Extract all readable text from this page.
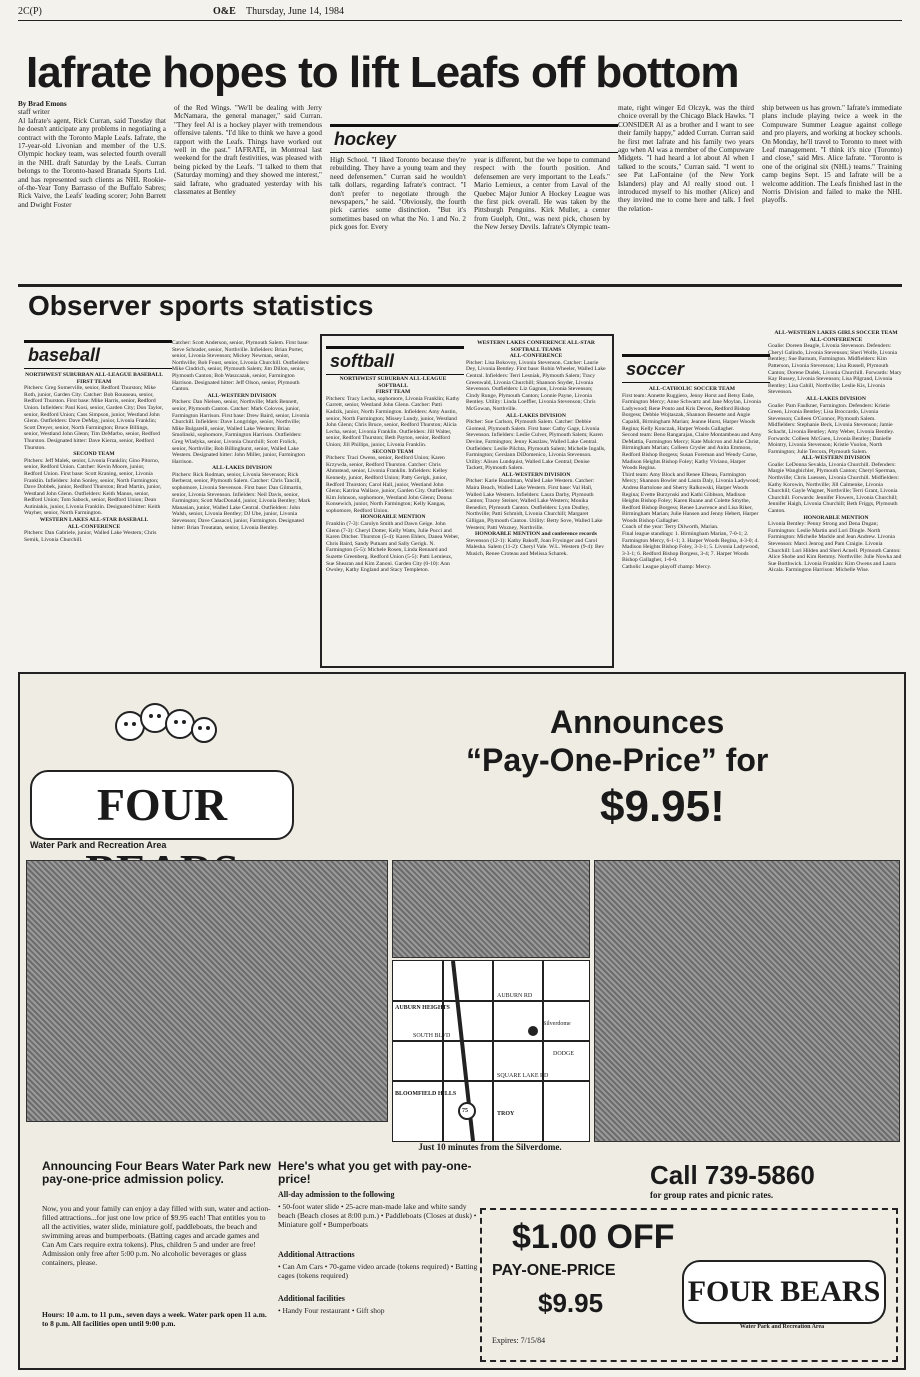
2C(P)	O&E Thursday, June 14, 1984
Iafrate hopes to lift Leafs off bottom
By Brad Emons
staff writer
Al Iafrate's agent, Rick Curran, said Tuesday that he doesn't anticipate any problems in negotiating a contract with the Toronto Maple Leafs. Iafrate, the 17-year-old Livonian and member of the U.S. Olympic hockey team, was selected fourth overall in the NHL draft Saturday by the Leafs. Curran belongs to the Toronto-based Branada Sports Ltd. and has represented such clients as NHL Rookie-of-the-Year Tony Barrasso of the Buffalo Sabres; Rick Vaive, the Leafs' leading scorer; John Barrett and Dwight Foster
of the Red Wings. "We'll be dealing with Jerry McNamara, the general manager," said Curran. "They feel Al is a hockey player with tremendous offensive talents. "I'd like to think we have a good rapport with the Leafs. Things have worked out well in the past." IAFRATE, in Montreal last weekend for the draft festivities, was pleased with being picked by the Leafs. "I talked to them that (Saturday morning) and they showed me interest," said Iafrate, who graduated yesterday with his classmates at Bentley
hockey
High School. "I liked Toronto because they're rebuilding. They have a young team and they need defensemen." Curran said he wouldn't talk dollars, regarding Iafrate's contract. "I don't prefer to negotiate through the newspapers," he said. "Obviously, the fourth pick carries some distinction. "But it's sometimes based on what the No. 1 and No. 2 pick goes for. Every
year is different, but the we hope to command respect with the fourth position. And defensemen are very important to the Leafs." Mario Lemieux, a center from Laval of the Quebec Major Junior A Hockey League was the first pick overall. He was taken by the Pittsburgh Penguins. Kirk Muller, a center from Guelph, Ont., was next pick, chosen by the New Jersey Devils. Iafrate's Olympic team-
mate, right winger Ed Olczyk, was the third choice overall by the Chicago Black Hawks. "I CONSIDER Al as a brother and I want to see their family happy," added Curran. Curran said he first met Iafrate and his family two years ago when Al was a member of the Compuware Midgets. "I had heard a lot about Al when I talked to the scouts," Curran said. "I went to see Pat LaFontaine (of the New York Islanders) play and Al really stood out. I introduced myself to his mother (Alice) and they invited me to come here and talk. I feel the relation-
ship between us has grown." Iafrate's immediate plans include playing twice a week in the Compuware Summer League against college and pro players, and working at hockey schools. On Monday, he'll travel to Toronto to meet with Leaf management. "I think it's nice (Toronto) and close," said Mrs. Alice Iafrate. "Toronto is one of the original six (NHL) teams." Training camp begins Sept. 15 and Iafrate will be a welcome addition. The Leafs finished last in the Norris Division and failed to make the NHL playoffs.
Observer sports statistics
baseball
NORTHWEST SUBURBAN ALL-LEAGUE BASEBALL
FIRST TEAM
Pitchers: Greg Somerville, senior, Redford Thurston; Mike Roth, junior, Garden City. Catcher: Bob Rousseau, senior, Redford Thurston. First base: Mike Harris, senior, Redford Union. Infielders: Paul Kosi, senior, Garden City; Don Taylor, senior, Redford Union; Cass Simpson, junior, Westland John Glenn. Outfielders: Dave DeMay, junior, Livonia Franklin; Scott Dreyer, senior, North Farmington; Bruce Billings, senior, Westland John Glenn; Tim DeMarbo, senior, Redford Thurston. Designated hitter: Dave Kierza, senior, Redford Thurston.
SECOND TEAM
Pitchers: Jeff Malek, senior, Livonia Franklin; Gino Pitorno, senior, Redford Union. Catcher: Kevin Moore, junior, Redford Union. First base: Scott Kraning, senior, Livonia Franklin. Infielders: John Sonley, senior, North Farmington; Dave Dobbek, junior, Redford Thurston; Brad Martin, junior, Westland John Glenn. Outfielders: Keith Manus, senior, Redford Union; Tom Sabock, senior, Redford Union; Dean Autiniakis, junior, Livonia Franklin. Designated hitter: Keith Wayher, senior, North Farmington.
WESTERN LAKES ALL-STAR BASEBALL
ALL-CONFERENCE
Pitchers: Dan Gabriele, junior, Walled Lake Western; Chris Semik, Livonia Churchill.
Catcher: Scott Anderson, senior, Plymouth Salem. First base: Steve Schrader, senior, Northville. Infielders: Brian Porter, senior, Livonia Stevenson; Mickey Newman, senior, Northville; Bob Foust, senior, Livonia Churchill. Outfielders: Mike Cindrich, senior, Plymouth Salem; Jim Dillon, senior, Plymouth Canton; Bob Waszcazak, senior, Farmington Harrison. Designated hitter: Jeff Olson, senior, Plymouth Canton.
ALL-WESTERN DIVISION
Pitchers: Dan Nielsen, senior, Northville; Mark Bennett, senior, Plymouth Canton. Catcher: Mark Colovos, junior, Farmington Harrison. First base: Drew Baird, senior, Livonia Churchill. Infielders: Dave Longridge, senior, Northville; Mike Bulgarelli, senior, Walled Lake Western; Brian Smolinski, sophomore, Farmington Harrison. Outfielders: Greg Wladyka, senior, Livonia Churchill; Scott Frolick, senior, Northville; Bob Billinghurst, senior, Walled Lake Western. Designated hitter: John Miller, junior, Farmington Harrison.
ALL-LAKES DIVISION
Pitchers: Rick Rodman, senior, Livonia Stevenson; Rick Berberat, senior, Plymouth Salem. Catcher: Chris Tancill, sophomore, Livonia Stevenson. First base: Dan Gilmartin, senior, Livonia Stevenson. Infielders: Neil Davis, senior, Farmington; Scott MacDonald, junior, Livonia Bentley; Mark Manasian, junior, Walled Lake Central. Outfielders: John Walsh, senior, Livonia Bentley; DJ Ube, junior, Livonia Stevenson; Dave Cassacol, junior, Farmington. Designated hitter: Brian Troutatan, senior, Livonia Bentley.
softball
NORTHWEST SUBURBAN ALL-LEAGUE SOFTBALL
FIRST TEAM
Pitchers: Tracy Lecha, sophomore, Livonia Franklin; Kathy Garrett, senior, Westland John Glenn. Catcher: Patti Kadzik, junior, North Farmington. Infielders: Amy Austin, senior, North Farmington; Missey Lundy, junior, Westland John Glenn; Chris Bruce, senior, Redford Thurston; Alicia Lecha, senior, Livonia Franklin. Outfielders: Jill Walter, senior, Redford Thurston; Beth Payton, senior, Redford Union; Jill Phillips, junior, Livonia Franklin.
SECOND TEAM
Pitchers: Traci Owens, senior, Redford Union; Karen Krzywda, senior, Redford Thurston. Catcher: Chris Ahmstead, senior, Livonia Franklin. Infielders: Kelley Kennedy, junior, Redford Union; Patty Gerigk, junior, Redford Thurston; Carol Hall, junior, Westland John Glenn; Katrina Wallace, junior, Garden City. Outfielders: Kim Johnson, sophomore, Westland John Glenn; Donna Konsewich, junior, North Farmington; Kelly Kangas, sophomore, Redford Union.
HONORABLE MENTION
Franklin (7-3): Carolyn Smith and Dawn Geige. John Glenn (7-3): Cheryl Dotter, Kelly Watts, Julie Pucci and Karen Ditcher. Thurston (5-4): Karen Ehlers, Danea Weber, Chris Baird, Sandy Putnam and Sally Gerigk. N. Farmington (5-5): Michele Rosen, Linda Rennard and Suzette Greenberg. Redford Union (5-5): Patti Lemieux, Sue Shearan and Kim Zanoni. Garden City (0-10): Ann Owsley, Kathy England and Stacy Templeton.
WESTERN LAKES CONFERENCE ALL-STAR SOFTBALL TEAMS
ALL-CONFERENCE
Pitcher: Lisa Bokovoy, Livonia Stevenson. Catcher: Laurie Dey, Livonia Bentley. First base: Robin Wheeler, Walled Lake Central. Infielders: Terri Lesniak, Plymouth Salem; Tracy Greenwald, Livonia Churchill; Shannon Snyder, Livonia Stevenson. Outfielders: Liz Gagnon, Livonia Stevenson; Cindy Runge, Plymouth Canton; Lonnie Payne, Livonia Bentley. Utility: Linda Loeffler, Livonia Stevenson; Chris McGowan, Northville.
ALL-LAKES DIVISION
Pitcher: Sue Carlson, Plymouth Salem. Catcher: Debbie Giomeal, Plymouth Salem. First base: Cathy Gage, Livonia Stevenson. Infielders: Leslie Culver, Plymouth Salem; Karen Devine, Farmington; Jenny Kaszlaw, Walled Lake Central. Outfielders: Leslie Pilchta, Plymouth Salem; Michelle Ingalls, Farmington; Gerslann DiDomenico, Livonia Stevenson. Utility: Alison Lundquist, Walled Lake Central; Denise Tackett, Plymouth Salem.
ALL-WESTERN DIVISION
Pitcher: Karie Boardman, Walled Lake Western. Catcher: Maira Beach, Walled Lake Western. First base: Val Hall, Walled Lake Western. Infielders: Laura Darby, Plymouth Canton; Tracey Steiner, Walled Lake Western; Monika Benedict, Plymouth Canton. Outfielders: Lynn Dudley, Northville; Patti Schmidt, Livonia Churchill; Margaret Gilligan, Plymouth Canton. Utility: Betty Sove, Walled Lake Western; Patti Wozney, Northville.
HONORABLE MENTION and conference records
Stevenson (12-1): Kathy Bakoff, Joan Frysinger and Carol Malesha. Salem (11-2): Cheryl Vale. W.L. Western (9-4): Bev Musich, Renee Croteau and Melissa Scharek.
soccer
ALL-CATHOLIC SOCCER TEAM
First team: Annette Ruggiero, Jenny Horst and Betsy Eade, Farmington Mercy; Anne Schwartz and Jane Moylan, Livonia Ladywood; Rene Ponto and Kris Devon, Redford Bishop Borgess; Debbie Wojtaszak, Shannon Bessette and Angie Capaldi, Birmingham Marian; Jeanne Hurst, Harper Woods Regina; Kelly Konczak, Harper Woods Gallagher.
Second team: Beno Rangarajan, Claire Montambeau and Amy DeMattia, Farmington Mercy; Kate Mulcron and Julie Christ, Birmingham Marian; Colleen Crysler and Anita Emmons, Redford Bishop Borgess; Susan Foreman and Wendy Carne, Madison Heights Bishop Foley; Kathy Viviano, Harper Woods Regina.
Third team: Amy Block and Renee Elbeau, Farmington Mercy; Shannon Bowler and Laura Daly, Livonia Ladywood; Andrea Bartolone and Sherry Ralkowski, Harper Woods Regina; Evette Burzynski and Kathi Gibbson, Madison Heights Bishop Foley; Karen Ruane and Colette Smythe, Redford Bishop Borgess; Renee Lawrence and Lisa Riker, Birmingham Marian; Julie Hansen and Jenny Hebert, Harper Woods Bishop Gallagher.
Coach of the year: Terry Dilworth, Marian.
Final league standings: 1. Birmingham Marian, 7-0-1; 2. Farmington Mercy, 6-1-1; 3. Harper Woods Regina, 4-3-0; 4. Madison Heights Bishop Foley, 3-3-1; 5. Livonia Ladywood, 3-3-1; 6. Redford Bishop Borgess, 3-4; 7. Harper Woods Bishop Gallagher, 1-6-0.
Catholic League playoff champ: Mercy.
ALL-WESTERN LAKES GIRLS SOCCER TEAM
ALL-CONFERENCE
Goalie: Doreen Beagle, Livonia Stevenson. Defenders: Cheryl Galindo, Livonia Stevenson; Sheri Wolfe, Livonia Bentley; Sue Barnum, Farmington. Midfielders: Kim Patterson, Livonia Stevenson; Lisa Russell, Plymouth Canton; Dorene Dudek, Livonia Churchill. Forwards: Mary Kay Russey, Livonia Stevenson; Lisa Pilgrand, Livonia Bentley; Lisa Cahill, Northville; Leslie Kis, Livonia Stevenson.
ALL-LAKES DIVISION
Goalie: Pam Faulkner, Farmington. Defenders: Kristie Green, Livonia Bentley; Lisa Broccardo, Livonia Stevenson; Colleen O'Connor, Plymouth Salem. Midfielders: Stephanie Beck, Livonia Stevenson; Jamie Schacht, Livonia Bentley; Amy Weber, Livonia Bentley. Forwards: Colleen McGuen, Livonia Bentley; Danielle Mointry, Livonia Stevenson; Kristie Vuolon, North Farmington; Julie Tercora, Plymouth Salem.
ALL-WESTERN DIVISION
Goalie: LeDonna Sevakla, Livonia Churchill. Defenders: Margie Wangbichler, Plymouth Canton; Cheryl Sperman, Northville; Chris Luessen, Livonia Churchill. Midfielders: Kathy Korowin, Northville; Jill Calmenke, Livonia Churchill; Gayle Wagner, Northville; Terri Grant, Livonia Churchill. Forwards: Jennifer Flowers, Livonia Churchill; Jennifer Haigh, Livonia Churchill; Beth Friggs, Plymouth Canton.
HONORABLE MENTION
Livonia Bentley: Penny Strong and Dena Dugan; Farmington: Leslie Martin and Lori Dingle. North Farmington: Michelle Mackle and Jean Andrew. Livonia Stevenson: Marci Jenrog and Pam Craigie. Livonia Churchill: Lori Hilden and Sheri Acnell. Plymouth Canton: Alice Shobe and Kim Remmy. Northville: Julie Nowka and Sue Borthwick. Livonia Franklin: Kim Owens and Laura Alcala. Farmington Harrison: Michelle Wise.
FOUR
Water Park and Recreation Area
Announces
“Pay-One-Price” for
$9.95!
AUBURN HEIGHTS
SOUTH BLVD
AUBURN RD
SQUARE LAKE RD
BLOOMFIELD HILLS
TROY
Silverdome
DODGE
75
Just 10 minutes from the Silverdome.
Announcing Four Bears Water Park new pay-one-price admission policy.
Now, you and your family can enjoy a day filled with sun, water and action-filled attractions...for just one low price of $9.95 each! That entitles you to all the activities, water slide, miniature golf, paddleboats, the beach and swimming areas and bumperboats. (Batting cages and arcade games and Can Am Cars require extra tokens). Plus, children 5 and under are free! Admission only free after 5:00 p.m. No alcoholic beverages or glass containers, please.
Hours: 10 a.m. to 11 p.m., seven days a week. Water park open 11 a.m. to 8 p.m. All facilities open until 9:00 p.m.
Here's what you get with pay-one-price!
All-day admission to the following
• 50-foot water slide • 25-acre man-made lake and white sandy beach (Beach closes at 8:00 p.m.) • Paddleboats (Closes at dusk) • Miniature golf • Bumperboats
Additional Attractions
• Can Am Cars • 70-game video arcade (tokens required) • Batting cages (tokens required)
Additional facilities
• Handy Four restaurant • Gift shop
Call 739-5860
for group rates and picnic rates.
$1.00 OFF
PAY-ONE-PRICE
$9.95
Expires: 7/15/84
FOUR BEARS
Water Park and Recreation Area
